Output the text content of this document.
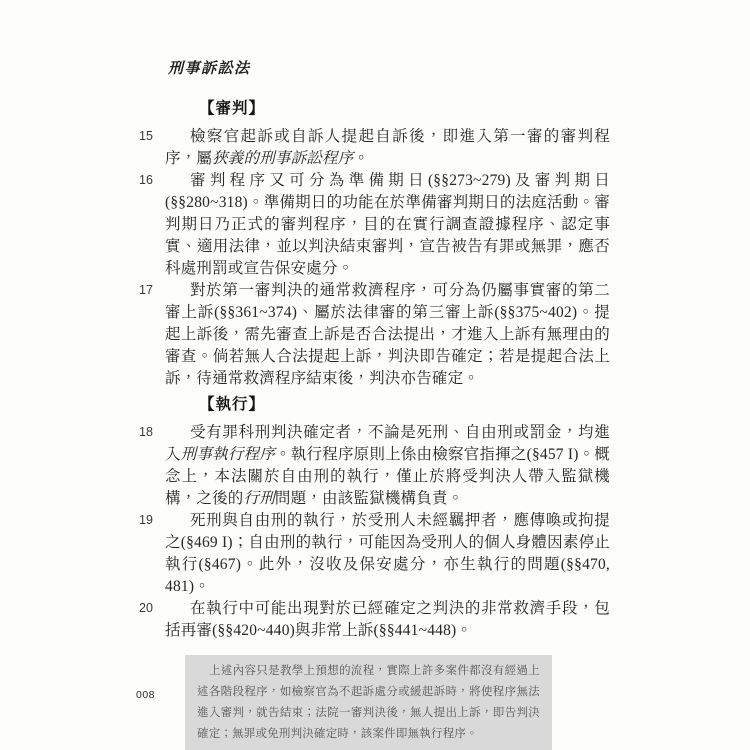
刑事訴訟法
【審判】
15	檢察官起訴或自訴人提起自訴後，即進入第一審的審判程序，屬狹義的刑事訴訟程序。

16	審判程序又可分為準備期日(§§273~279)及審判期日(§§280~318)。準備期日的功能在於準備審判期日的法庭活動。審判期日乃正式的審判程序，目的在實行調查證據程序、認定事實、適用法律，並以判決結束審判，宣告被告有罪或無罪，應否科處刑罰或宣告保安處分。

17	對於第一審判決的通常救濟程序，可分為仍屬事實審的第二審上訴(§§361~374)、屬於法律審的第三審上訴(§§375~402)。提起上訴後，需先審查上訴是否合法提出，才進入上訴有無理由的審查。倘若無人合法提起上訴，判決即告確定；若是提起合法上訴，待通常救濟程序結束後，判決亦告確定。

【執行】
18	受有罪科刑判決確定者，不論是死刑、自由刑或罰金，均進入刑事執行程序。執行程序原則上係由檢察官指揮之(§457 I)。概念上，本法關於自由刑的執行，僅止於將受判決人帶入監獄機構，之後的行刑問題，由該監獄機構負責。

19	死刑與自由刑的執行，於受刑人未經羈押者，應傳喚或拘提之(§469 I)；自由刑的執行，可能因為受刑人的個人身體因素停止執行(§467)。此外，沒收及保安處分，亦生執行的問題(§§470, 481)。

20	在執行中可能出現對於已經確定之判決的非常救濟手段，包括再審(§§420~440)與非常上訴(§§441~448)。

上述內容只是教學上預想的流程，實際上許多案件都沒有經過上述各階段程序，如檢察官為不起訴處分或緩起訴時，將使程序無法進入審判，就告結束；法院一審判決後，無人提出上訴，即告判決確定；無罪或免刑判決確定時，該案件即無執行程序。
008
